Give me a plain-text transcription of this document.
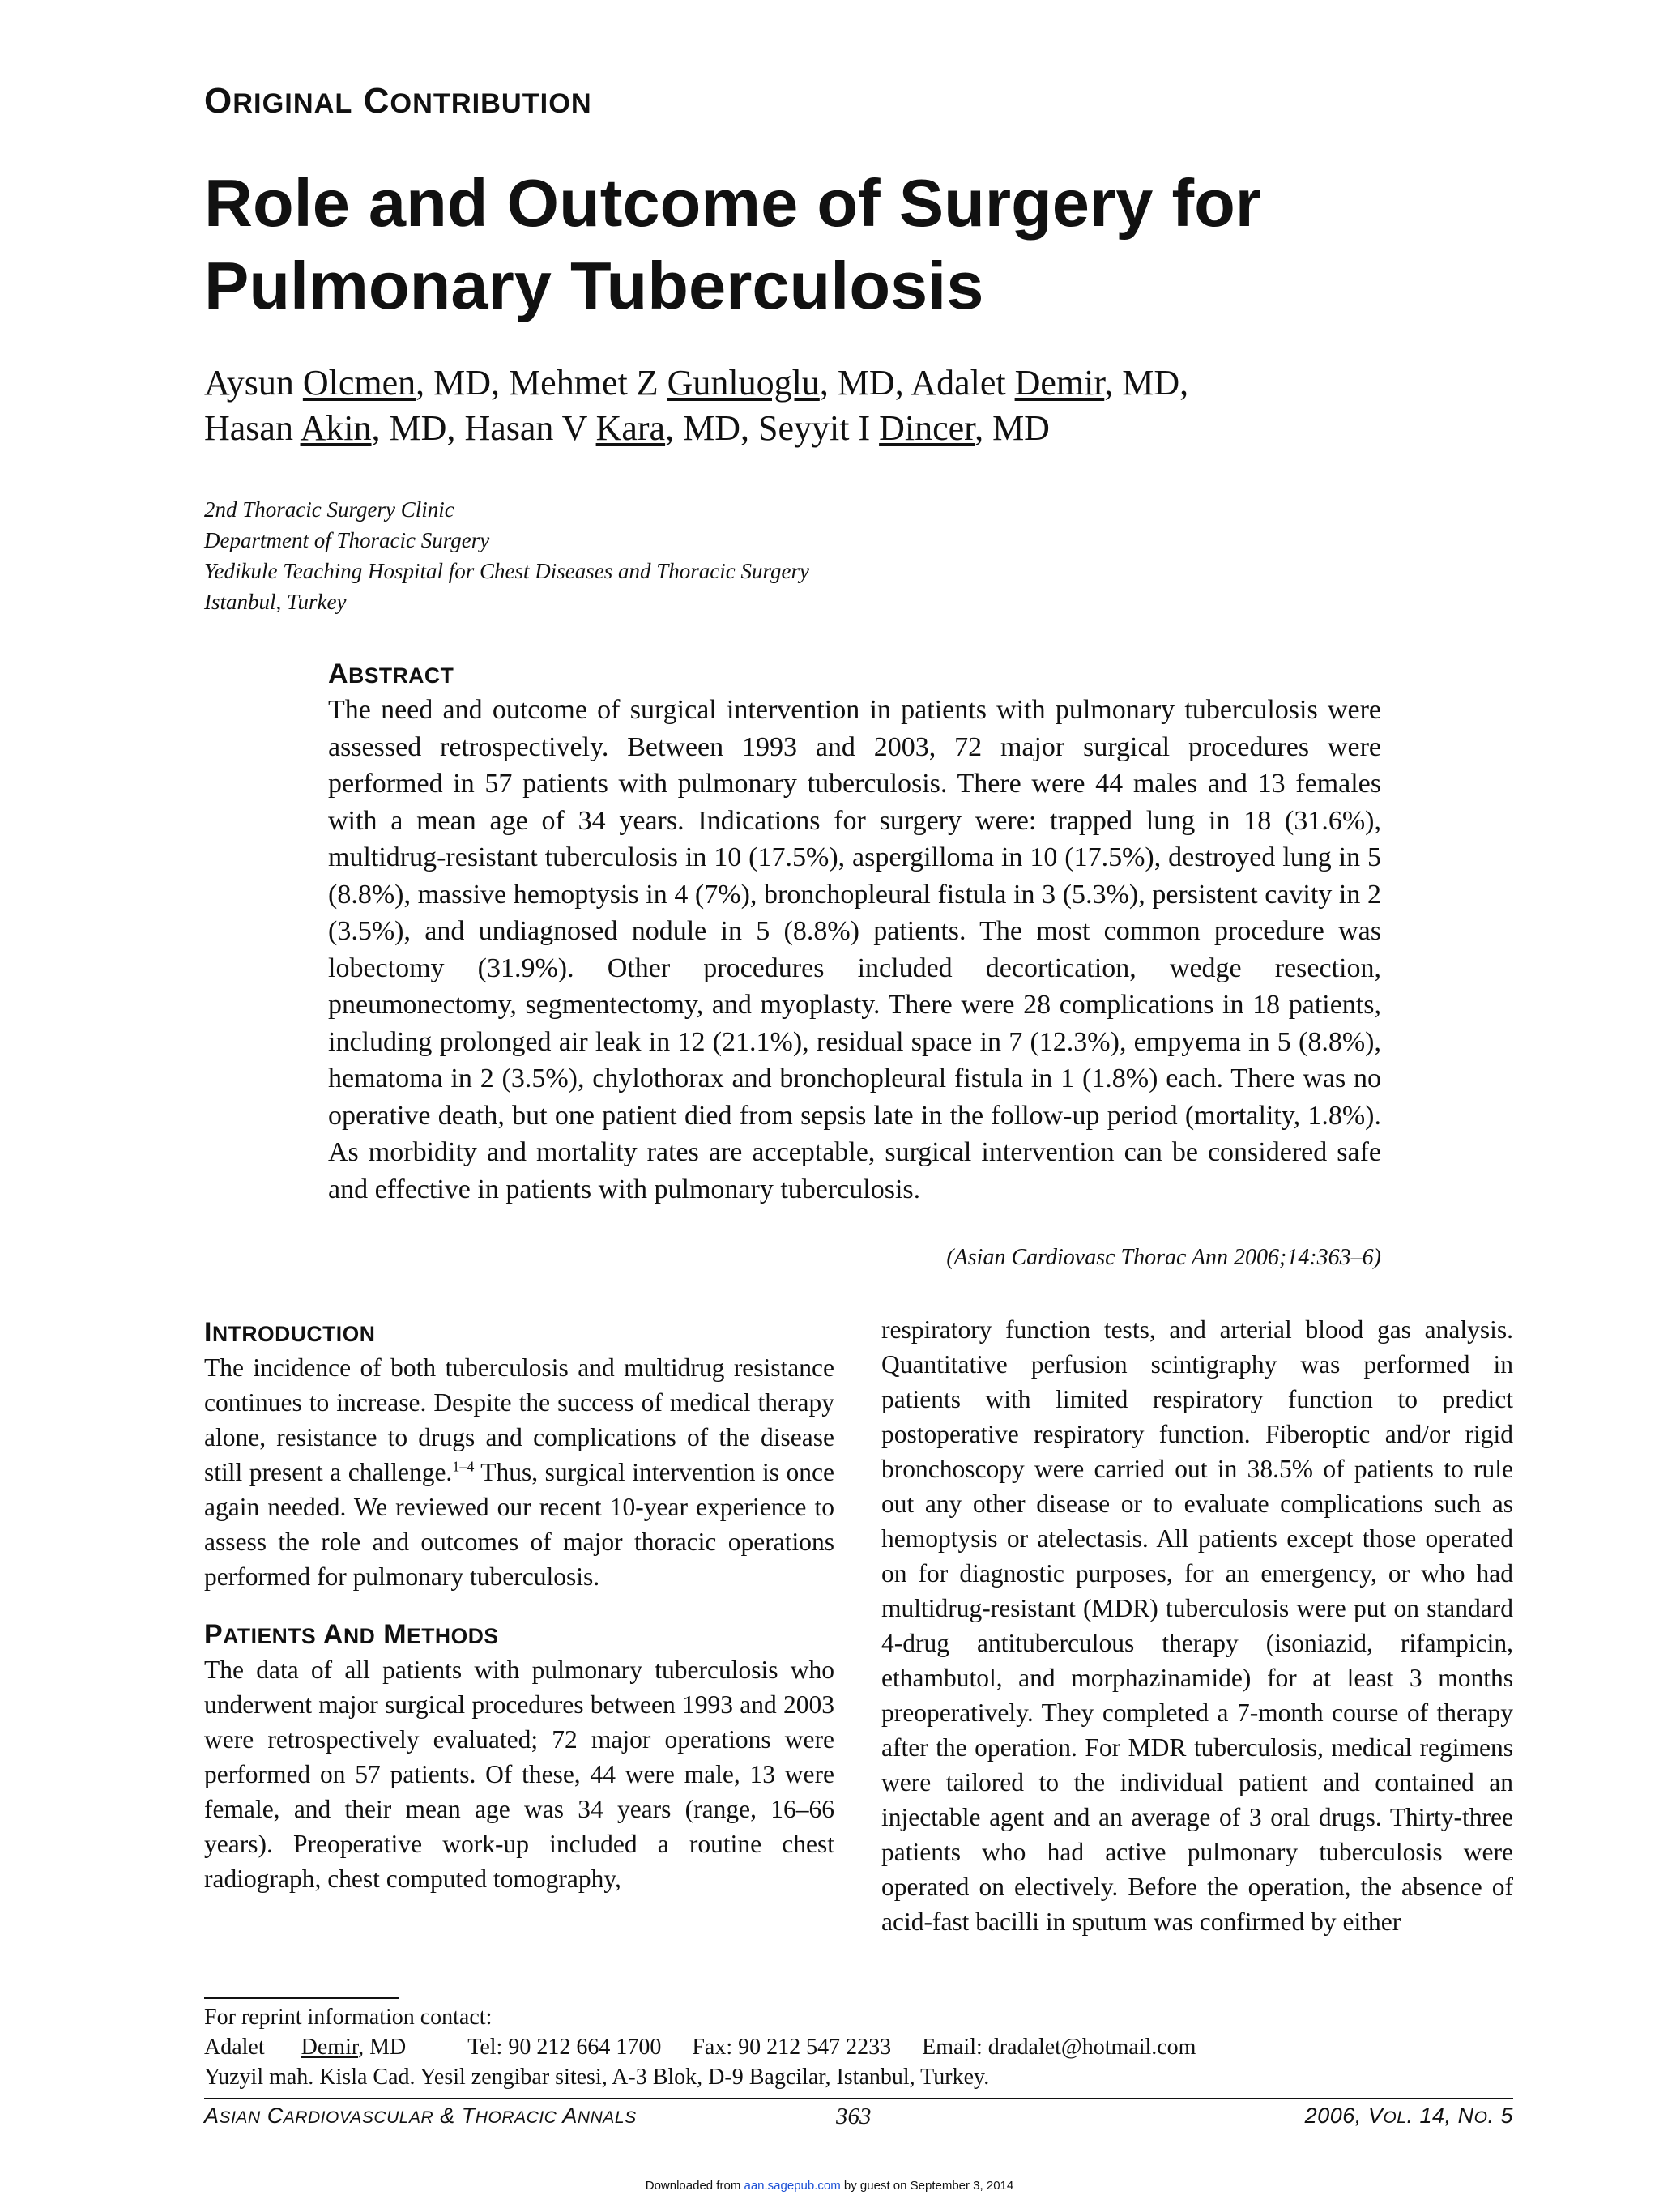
ORIGINAL CONTRIBUTION
Role and Outcome of Surgery for
Pulmonary Tuberculosis
Aysun Olcmen, MD, Mehmet Z Gunluoglu, MD, Adalet Demir, MD,
Hasan Akin, MD, Hasan V Kara, MD, Seyyit I Dincer, MD
2nd Thoracic Surgery Clinic
Department of Thoracic Surgery
Yedikule Teaching Hospital for Chest Diseases and Thoracic Surgery
Istanbul, Turkey
ABSTRACT
The need and outcome of surgical intervention in patients with pulmonary tuberculosis were assessed retrospectively. Between 1993 and 2003, 72 major surgical procedures were performed in 57 patients with pulmonary tuberculosis. There were 44 males and 13 females with a mean age of 34 years. Indications for surgery were: trapped lung in 18 (31.6%), multidrug-resistant tuberculosis in 10 (17.5%), aspergilloma in 10 (17.5%), destroyed lung in 5 (8.8%), massive hemoptysis in 4 (7%), bronchopleural fistula in 3 (5.3%), persistent cavity in 2 (3.5%), and undiagnosed nodule in 5 (8.8%) patients. The most common procedure was lobectomy (31.9%). Other procedures included decortication, wedge resection, pneumonectomy, segmentectomy, and myoplasty. There were 28 complications in 18 patients, including prolonged air leak in 12 (21.1%), residual space in 7 (12.3%), empyema in 5 (8.8%), hematoma in 2 (3.5%), chylothorax and bronchopleural fistula in 1 (1.8%) each. There was no operative death, but one patient died from sepsis late in the follow-up period (mortality, 1.8%). As morbidity and mortality rates are acceptable, surgical intervention can be considered safe and effective in patients with pulmonary tuberculosis.
(Asian Cardiovasc Thorac Ann 2006;14:363–6)
INTRODUCTION
The incidence of both tuberculosis and multidrug resistance continues to increase. Despite the success of medical therapy alone, resistance to drugs and complications of the disease still present a challenge.$^{1-4}$ Thus, surgical intervention is once again needed. We reviewed our recent 10-year experience to assess the role and outcomes of major thoracic operations performed for pulmonary tuberculosis.
PATIENTS AND METHODS
The data of all patients with pulmonary tuberculosis who underwent major surgical procedures between 1993 and 2003 were retrospectively evaluated; 72 major operations were performed on 57 patients. Of these, 44 were male, 13 were female, and their mean age was 34 years (range, 16–66 years). Preoperative work-up included a routine chest radiograph, chest computed tomography,
respiratory function tests, and arterial blood gas analysis. Quantitative perfusion scintigraphy was performed in patients with limited respiratory function to predict postoperative respiratory function. Fiberoptic and/or rigid bronchoscopy were carried out in 38.5% of patients to rule out any other disease or to evaluate complications such as hemoptysis or atelectasis. All patients except those operated on for diagnostic purposes, for an emergency, or who had multidrug-resistant (MDR) tuberculosis were put on standard 4-drug antituberculous therapy (isoniazid, rifampicin, ethambutol, and morphazinamide) for at least 3 months preoperatively. They completed a 7-month course of therapy after the operation. For MDR tuberculosis, medical regimens were tailored to the individual patient and contained an injectable agent and an average of 3 oral drugs. Thirty-three patients who had active pulmonary tuberculosis were operated on electively. Before the operation, the absence of acid-fast bacilli in sputum was confirmed by either
For reprint information contact:
Adalet Demir, MD	Tel: 90 212 664 1700 Fax: 90 212 547 2233 Email: dradalet@hotmail.com
Yuzyil mah. Kisla Cad. Yesil zengibar sitesi, A-3 Blok, D-9 Bagcilar, Istanbul, Turkey.
ASIAN CARDIOVASCULAR & THORACIC ANNALS	363	2006, VOL. 14, NO. 5
Downloaded from aan.sagepub.com by guest on September 3, 2014
